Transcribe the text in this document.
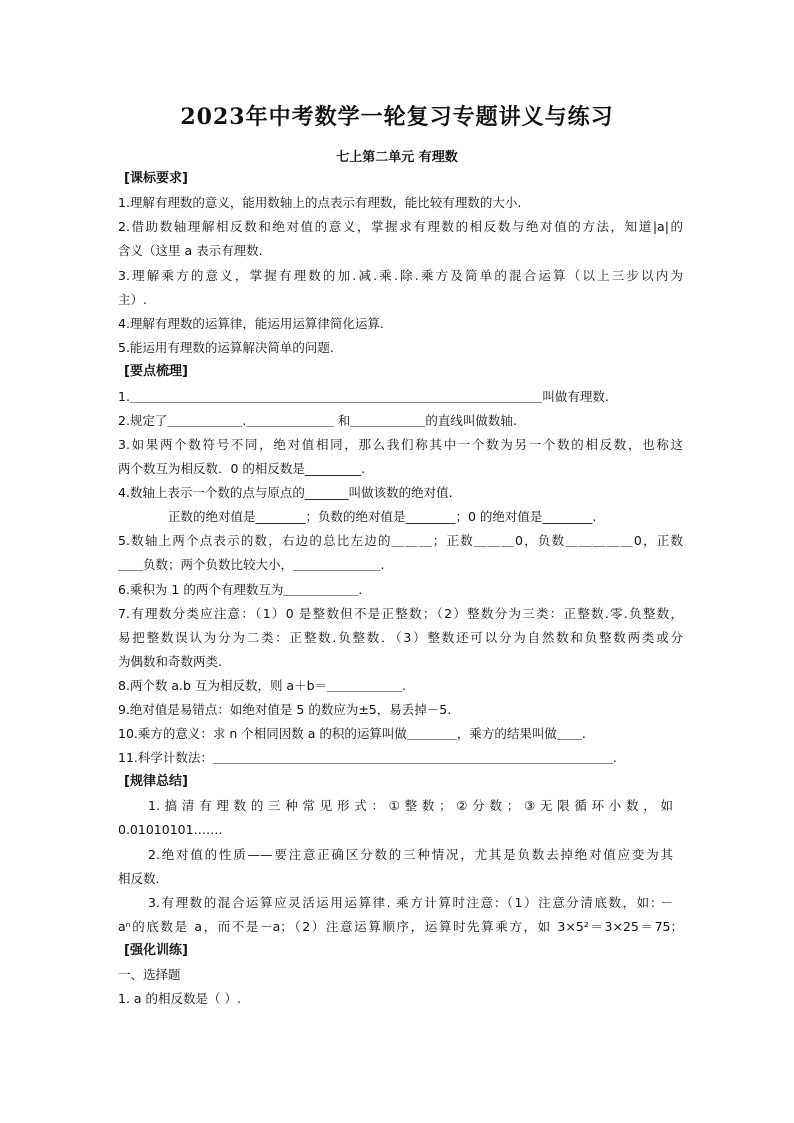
2023年中考数学一轮复习专题讲义与练习
七上第二单元 有理数
[课标要求]
1.理解有理数的意义，能用数轴上的点表示有理数，能比较有理数的大小.
2.借助数轴理解相反数和绝对值的意义，掌握求有理数的相反数与绝对值的方法，知道|a|的
含义（这里 a 表示有理数.
3.理解乘方的意义，掌握有理数的加.减.乘.除.乘方及简单的混合运算（以上三步以内为
主）.
4.理解有理数的运算律，能运用运算律简化运算.
5.能运用有理数的运算解决简单的问题.
[要点梳理]
1.＿＿＿＿＿＿＿＿＿＿＿＿＿＿＿＿＿＿＿＿＿＿＿＿＿＿＿＿＿＿＿＿＿叫做有理数.
2.规定了＿＿＿＿＿＿.＿＿＿＿＿＿＿ 和＿＿＿＿＿＿的直线叫做数轴.
3.如果两个数符号不同，绝对值相同，那么我们称其中一个数为另一个数的相反数，也称这
两个数互为相反数．0 的相反数是_________.
4.数轴上表示一个数的点与原点的_______叫做该数的绝对值.
正数的绝对值是________；负数的绝对值是________；0 的绝对值是________.
5.数轴上两个点表示的数，右边的总比左边的＿＿＿；正数＿＿＿0，负数＿＿＿＿＿0，正数
＿＿负数；两个负数比较大小，＿＿＿＿＿＿＿.
6.乘积为 1 的两个有理数互为＿＿＿＿＿＿.
7.有理数分类应注意：（1）0 是整数但不是正整数；（2）整数分为三类：正整数.零.负整数，
易把整数误认为分为二类：正整数.负整数．（3）整数还可以分为自然数和负整数两类或分
为偶数和奇数两类.
8.两个数 a.b 互为相反数，则 a＋b＝＿＿＿＿＿＿.
9.绝对值是易错点：如绝对值是 5 的数应为±5，易丢掉－5.
10.乘方的意义：求 n 个相同因数 a 的积的运算叫做＿＿＿＿，乘方的结果叫做＿＿.
11.科学计数法：＿＿＿＿＿＿＿＿＿＿＿＿＿＿＿＿＿＿＿＿＿＿＿＿＿＿＿＿＿＿＿＿.
[规律总结]
1.搞清有理数的三种常见形式：①整数；②分数；③无限循环小数，如
0.01010101…….
2.绝对值的性质——要注意正确区分数的三种情况，尤其是负数去掉绝对值应变为其
相反数.
3.有理数的混合运算应灵活运用运算律. 乘方计算时注意:（1）注意分清底数，如: －
aⁿ的底数是 a，而不是－a；（2）注意运算顺序，运算时先算乘方，如 3×5²＝3×25＝75；
[强化训练]
一、选择题
1. a 的相反数是（ ）.
